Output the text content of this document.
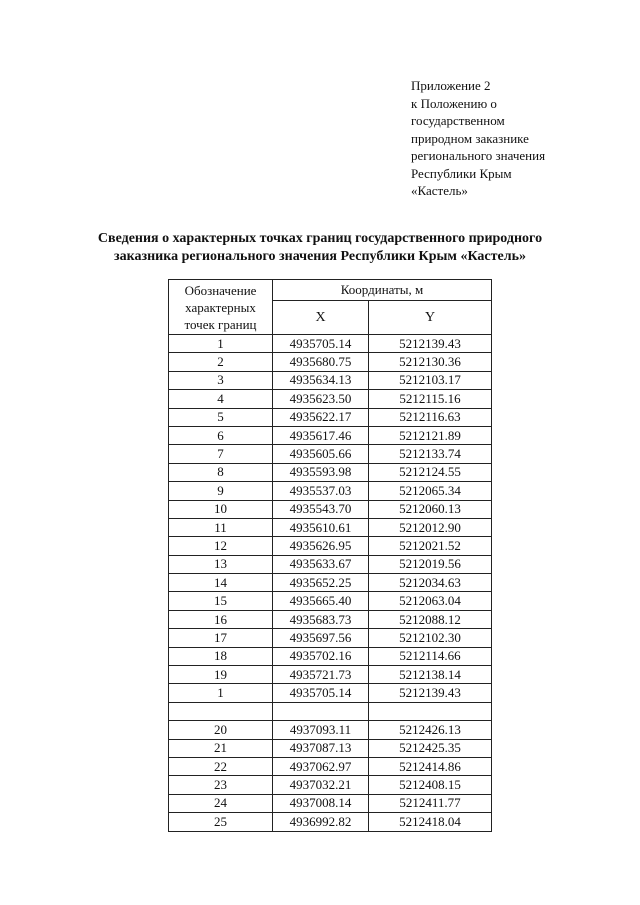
Приложение 2
к Положению о
государственном
природном заказнике
регионального значения
Республики Крым
«Кастель»
Сведения о характерных точках границ государственного природного
заказника регионального значения Республики Крым «Кастель»
Обозначение
характерных
точек границ	Координаты, м	
	X	Y
1	4935705.14	5212139.43
2	4935680.75	5212130.36
3	4935634.13	5212103.17
4	4935623.50	5212115.16
5	4935622.17	5212116.63
6	4935617.46	5212121.89
7	4935605.66	5212133.74
8	4935593.98	5212124.55
9	4935537.03	5212065.34
10	4935543.70	5212060.13
11	4935610.61	5212012.90
12	4935626.95	5212021.52
13	4935633.67	5212019.56
14	4935652.25	5212034.63
15	4935665.40	5212063.04
16	4935683.73	5212088.12
17	4935697.56	5212102.30
18	4935702.16	5212114.66
19	4935721.73	5212138.14
1	4935705.14	5212139.43

20	4937093.11	5212426.13
21	4937087.13	5212425.35
22	4937062.97	5212414.86
23	4937032.21	5212408.15
24	4937008.14	5212411.77
25	4936992.82	5212418.04
